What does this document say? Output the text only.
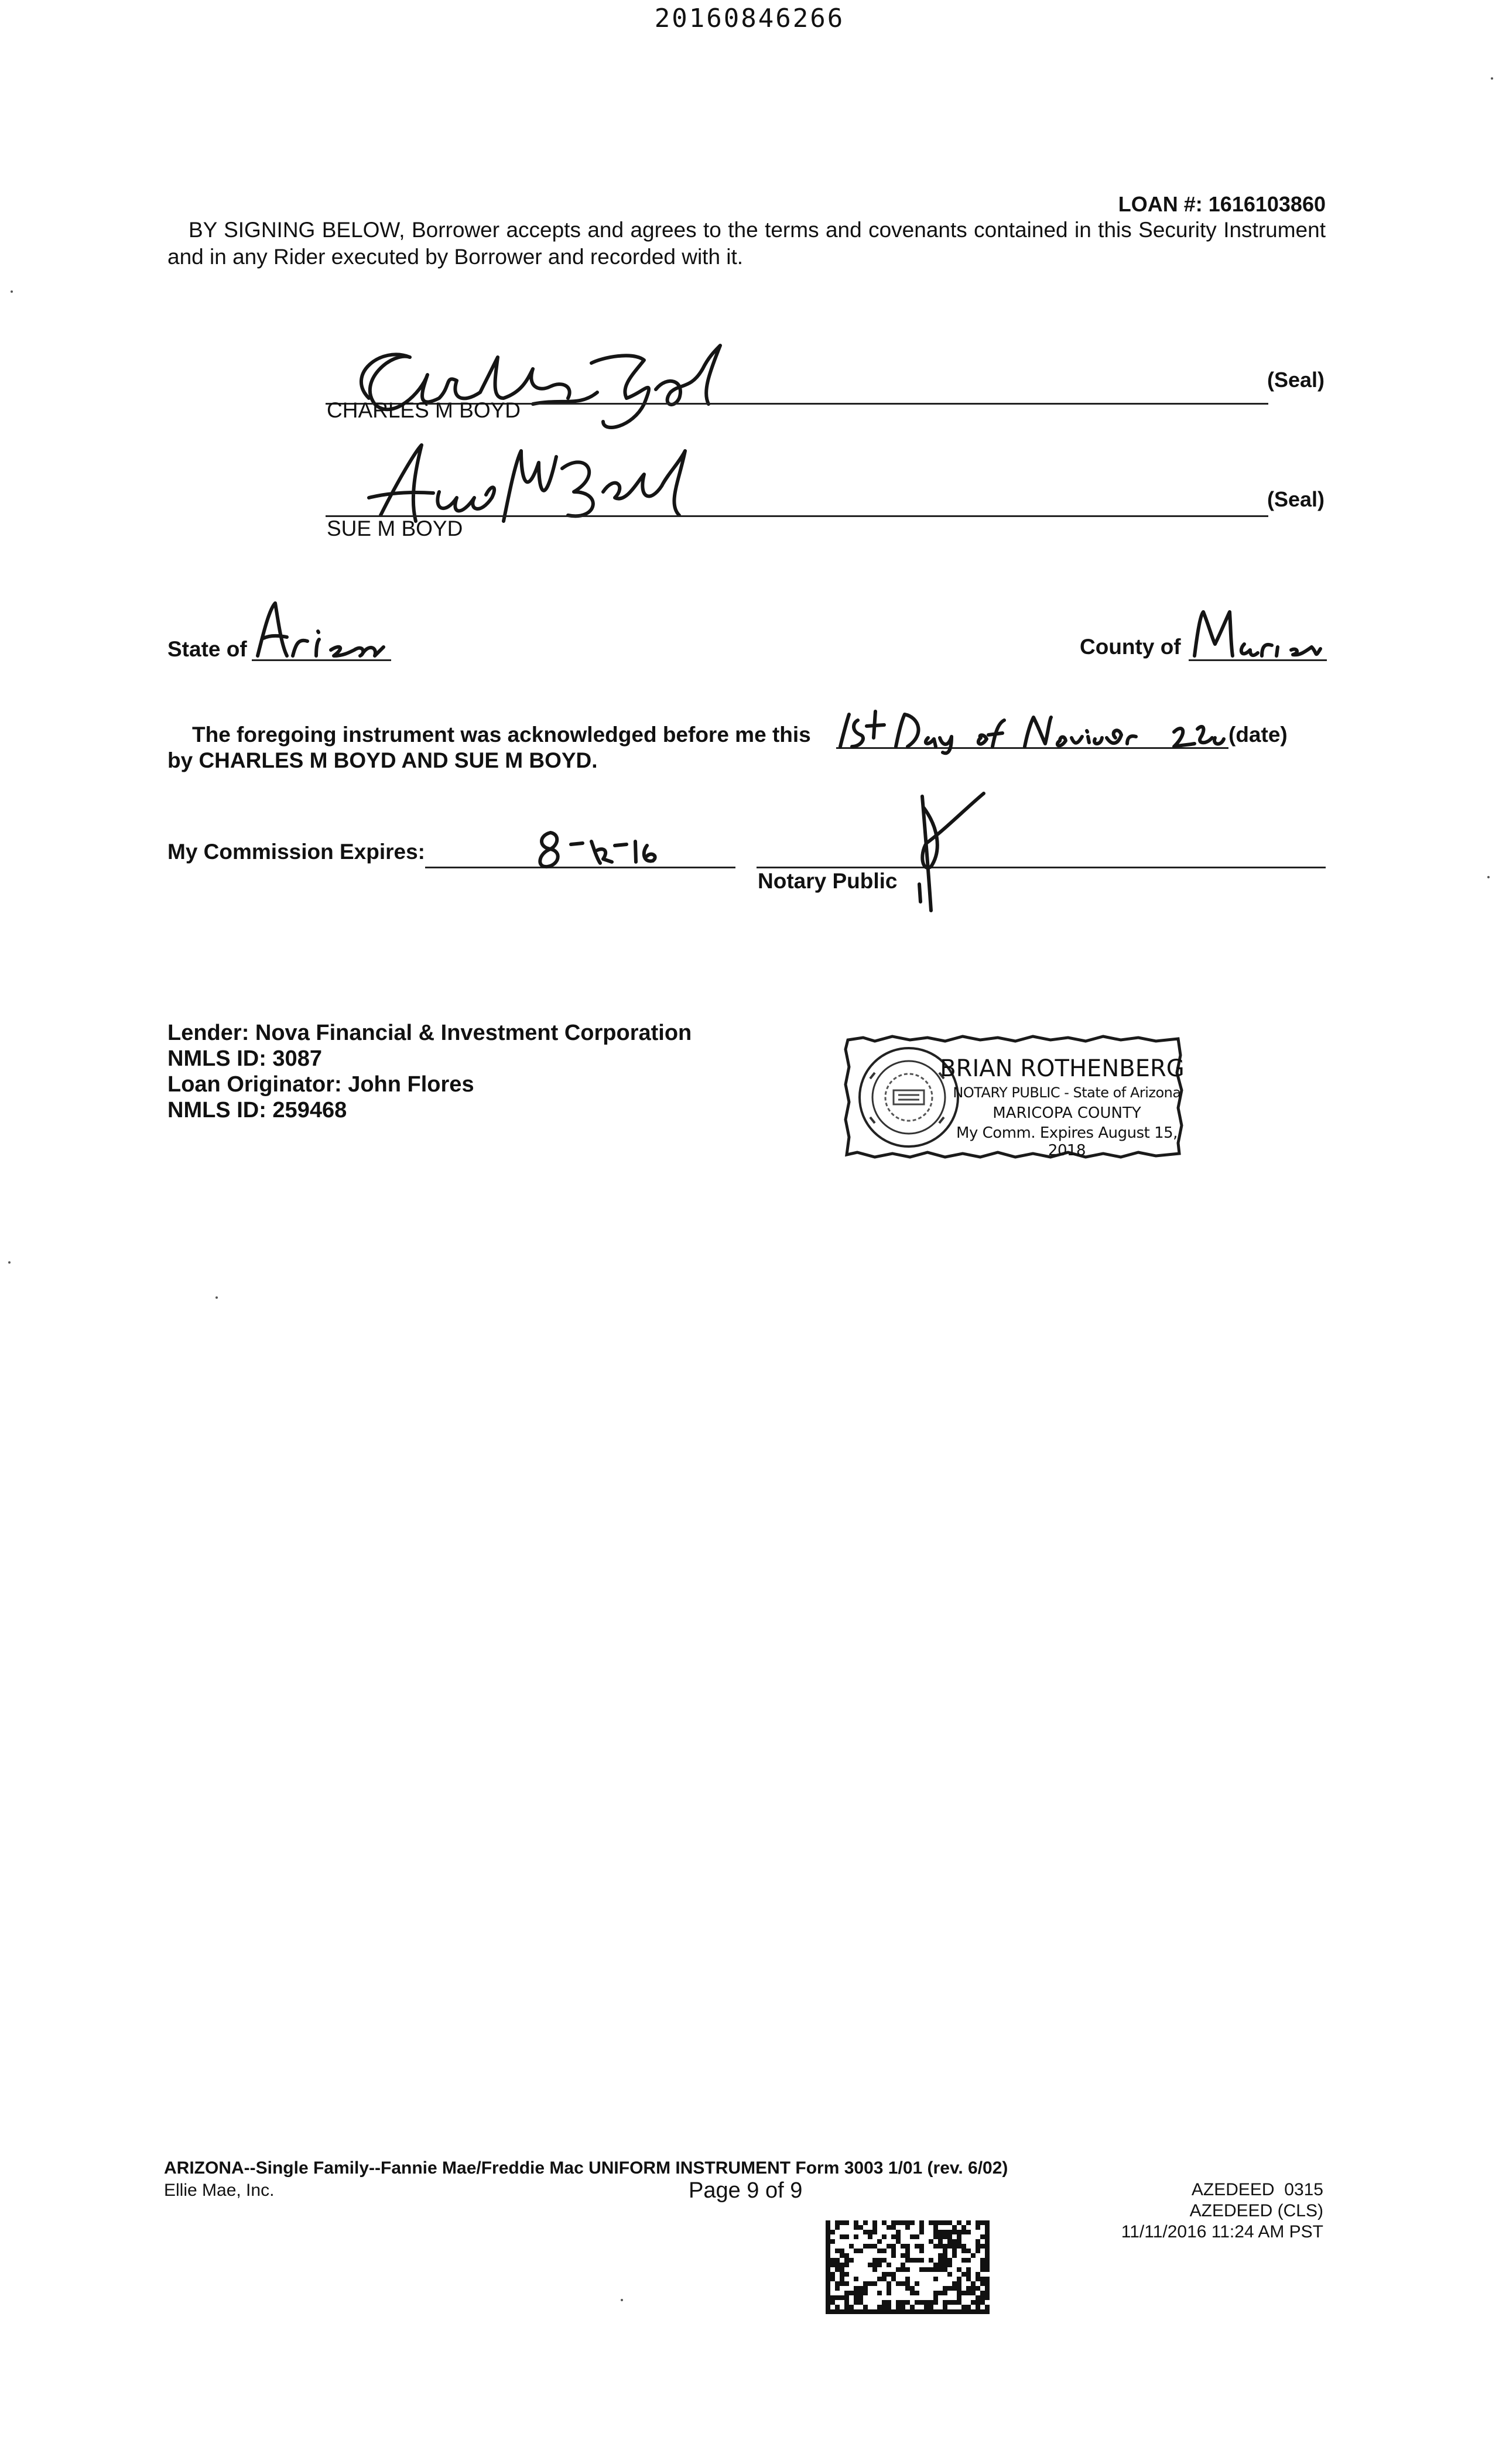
20160846266
LOAN #: 1616103860
BY SIGNING BELOW, Borrower accepts and agrees to the terms and covenants contained in this Security Instrument and in any Rider executed by Borrower and recorded with it.
(Seal)
CHARLES M BOYD
(Seal)
SUE M BOYD
State of	County of
The foregoing instrument was acknowledged before me this	(date)
by CHARLES M BOYD AND SUE M BOYD.
My Commission Expires:
Notary Public
Lender: Nova Financial & Investment Corporation
NMLS ID: 3087
Loan Originator: John Flores
NMLS ID: 259468
BRIAN ROTHENBERG
NOTARY PUBLIC - State of Arizona
MARICOPA COUNTY
My Comm. Expires August 15, 2018
ARIZONA--Single Family--Fannie Mae/Freddie Mac UNIFORM INSTRUMENT Form 3003 1/01 (rev. 6/02)
Ellie Mae, Inc.	Page 9 of 9	AZEDEED  0315
AZEDEED (CLS)
11/11/2016 11:24 AM PST
